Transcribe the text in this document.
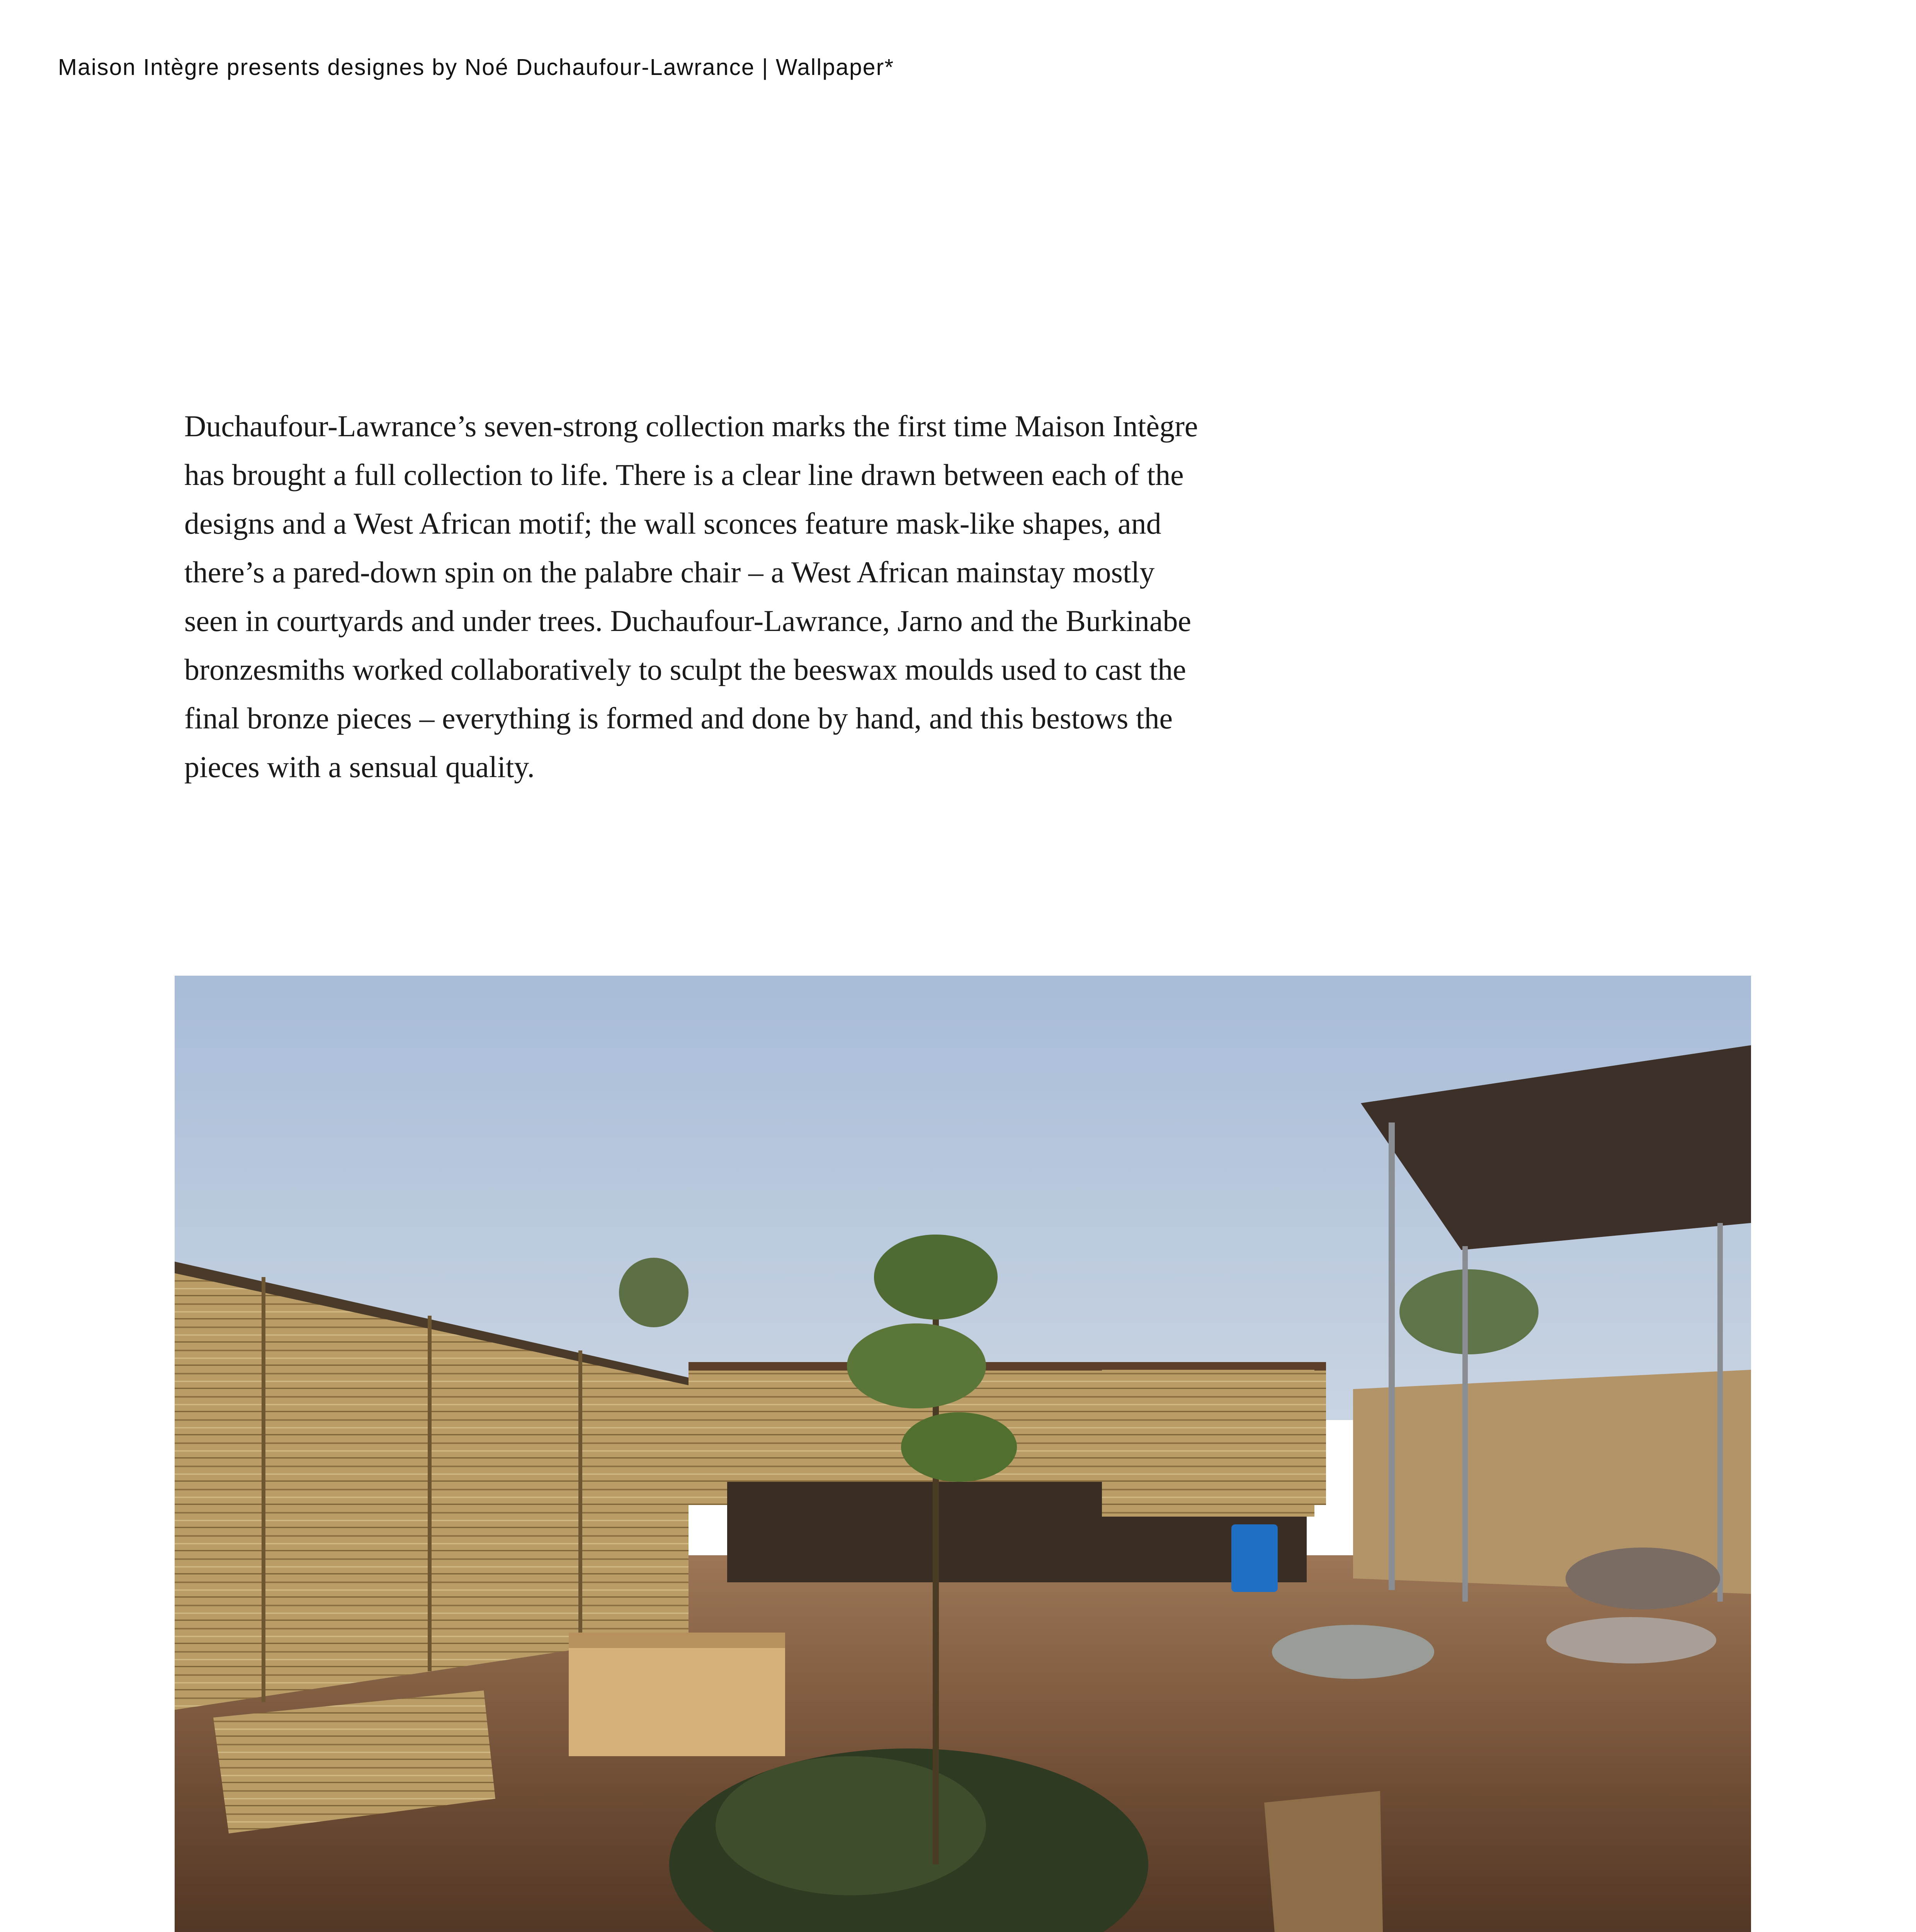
Maison Intègre presents designes by Noé Duchaufour-Lawrance | Wallpaper*
Duchaufour-Lawrance’s seven-strong collection marks the first time Maison Intègre
has brought a full collection to life. There is a clear line drawn between each of the
designs and a West African motif; the wall sconces feature mask-like shapes, and
there’s a pared-down spin on the palabre chair – a West African mainstay mostly
seen in courtyards and under trees. Duchaufour-Lawrance, Jarno and the Burkinabe
bronzesmiths worked collaboratively to sculpt the beeswax moulds used to cast the
final bronze pieces – everything is formed and done by hand, and this bestows the
pieces with a sensual quality.
